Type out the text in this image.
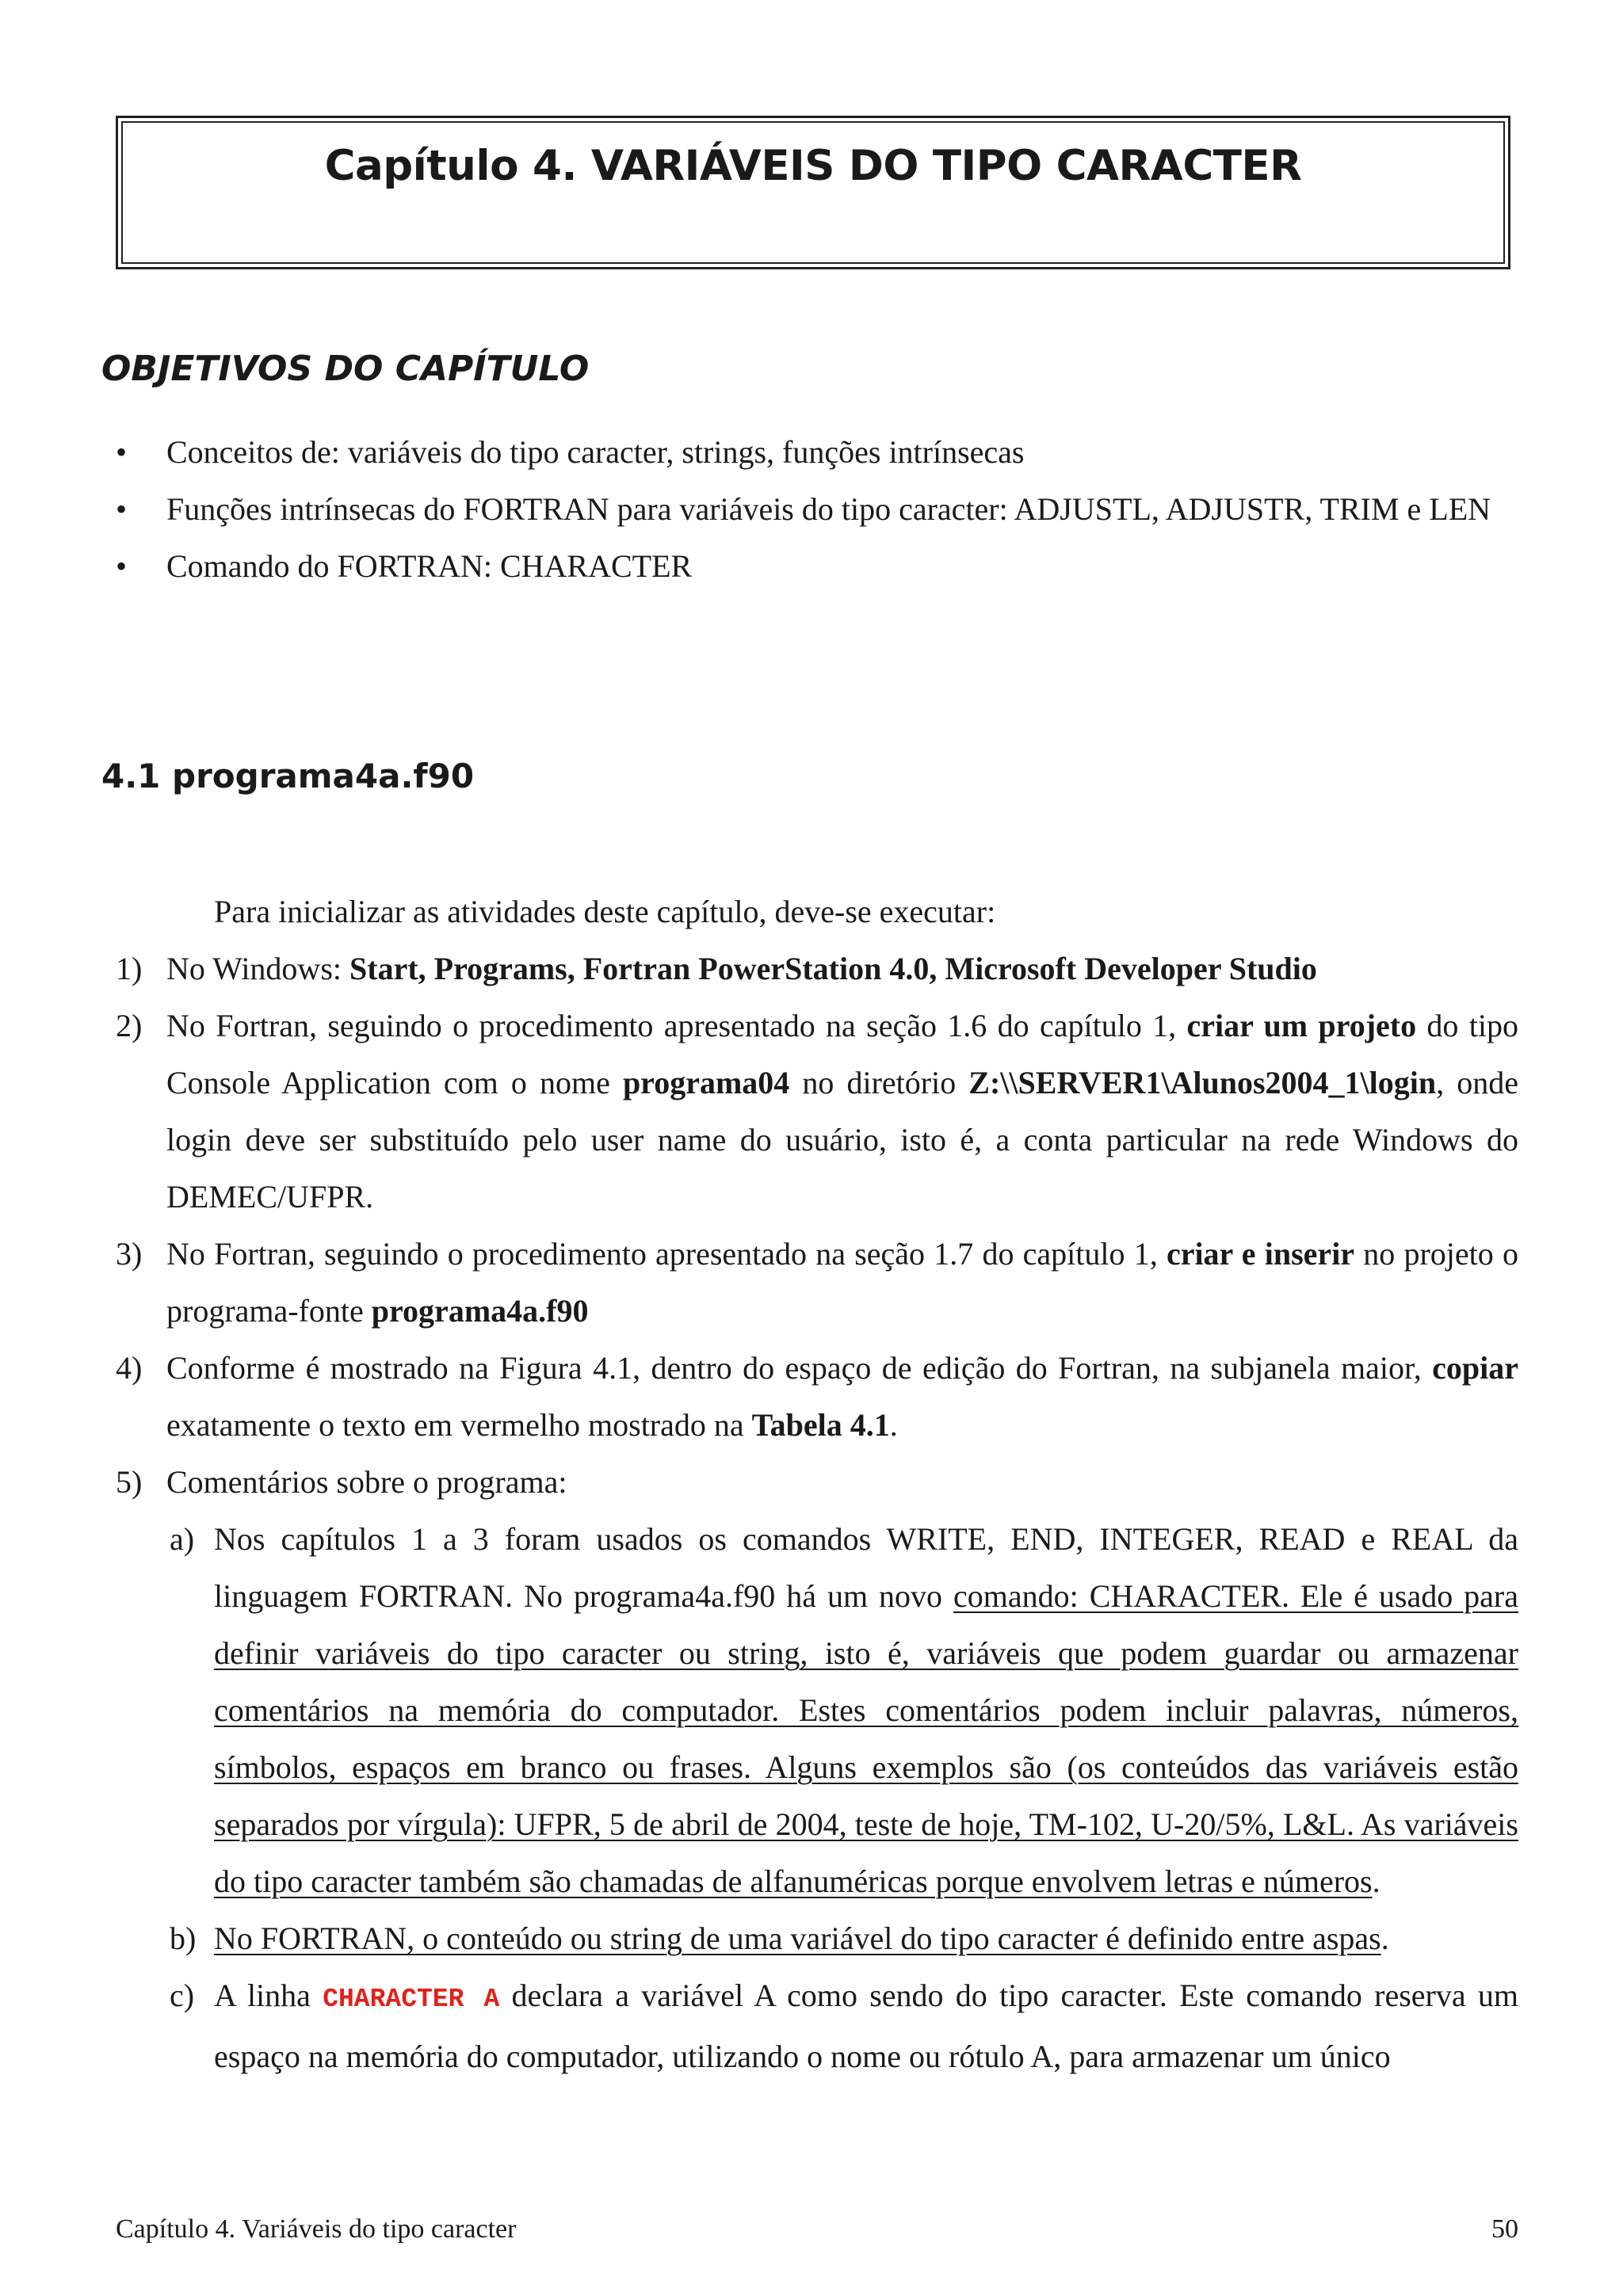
Capítulo 4. VARIÁVEIS DO TIPO CARACTER
OBJETIVOS DO CAPÍTULO
• Conceitos de: variáveis do tipo caracter, strings, funções intrínsecas
• Funções intrínsecas do FORTRAN para variáveis do tipo caracter: ADJUSTL, ADJUSTR, TRIM e LEN
• Comando do FORTRAN: CHARACTER
4.1 programa4a.f90
Para inicializar as atividades deste capítulo, deve-se executar:
1) No Windows: Start, Programs, Fortran PowerStation 4.0, Microsoft Developer Studio
2) No Fortran, seguindo o procedimento apresentado na seção 1.6 do capítulo 1, criar um projeto do tipo Console Application com o nome programa04 no diretório Z:\\SERVER1\Alunos2004_1\login, onde login deve ser substituído pelo user name do usuário, isto é, a conta particular na rede Windows do DEMEC/UFPR.
3) No Fortran, seguindo o procedimento apresentado na seção 1.7 do capítulo 1, criar e inserir no projeto o programa-fonte programa4a.f90
4) Conforme é mostrado na Figura 4.1, dentro do espaço de edição do Fortran, na subjanela maior, copiar exatamente o texto em vermelho mostrado na Tabela 4.1.
5) Comentários sobre o programa:
a) Nos capítulos 1 a 3 foram usados os comandos WRITE, END, INTEGER, READ e REAL da linguagem FORTRAN. No programa4a.f90 há um novo comando: CHARACTER. Ele é usado para definir variáveis do tipo caracter ou string, isto é, variáveis que podem guardar ou armazenar comentários na memória do computador. Estes comentários podem incluir palavras, números, símbolos, espaços em branco ou frases. Alguns exemplos são (os conteúdos das variáveis estão separados por vírgula): UFPR, 5 de abril de 2004, teste de hoje, TM-102, U-20/5%, L&L. As variáveis do tipo caracter também são chamadas de alfanuméricas porque envolvem letras e números.
b) No FORTRAN, o conteúdo ou string de uma variável do tipo caracter é definido entre aspas.
c) A linha CHARACTER A declara a variável A como sendo do tipo caracter. Este comando reserva um espaço na memória do computador, utilizando o nome ou rótulo A, para armazenar um único
Capítulo 4. Variáveis do tipo caracter	50
